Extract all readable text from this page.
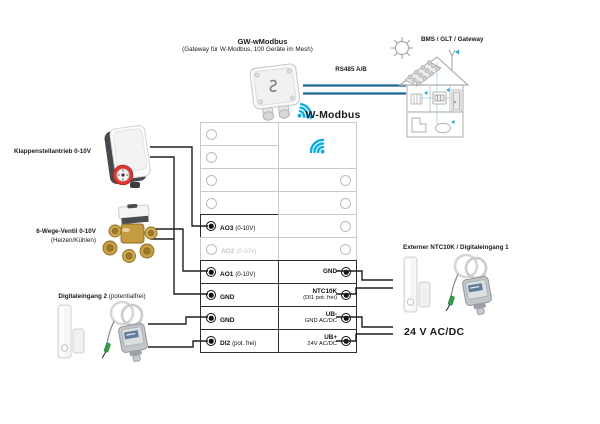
AO3 (0-10V)
AO2 (0-10V)
AO1 (0-10V)
GND
GND
DI2 (pot. frei)
GND
NTC10K
(DI1 pot. frei)
UB-
GND AC/DC
UB+
24V AC/DC
GW-wModbus
(Gateway für W-Modbus, 100 Geräte im Mesh)
RS485 A/B
W-Modbus
BMS / GLT / Gateway
Klappenstellantrieb 0-10V
6-Wege-Ventil 0-10V
(Heizen/Kühlen)
Digitaleingang 2 (potentialfrei)
Externer NTC10K / Digitaleingang 1
24 V AC/DC
